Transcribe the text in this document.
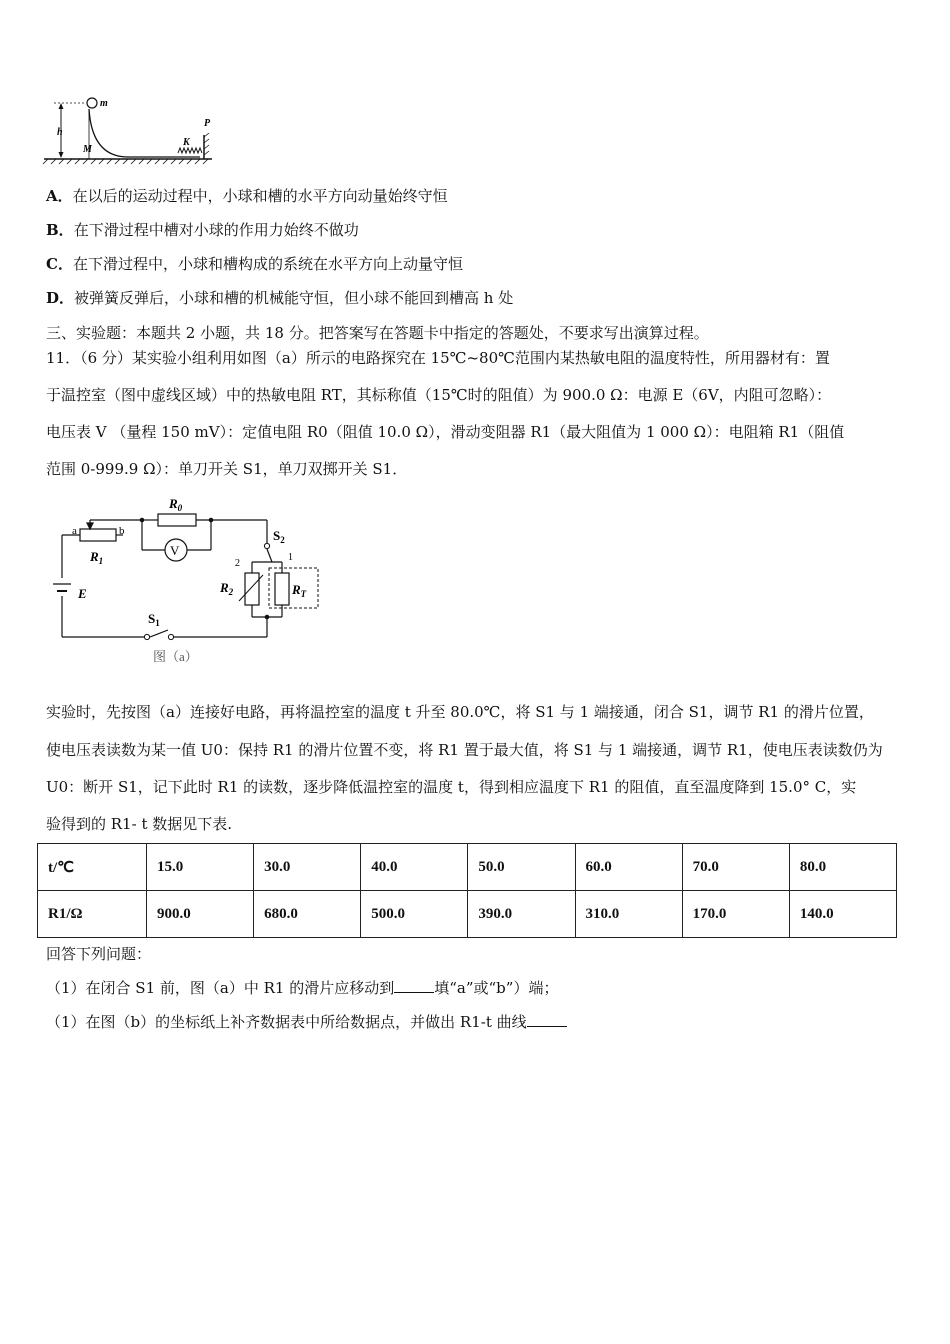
m
h
M
K
P
A．在以后的运动过程中，小球和槽的水平方向动量始终守恒
B．在下滑过程中槽对小球的作用力始终不做功
C．在下滑过程中，小球和槽构成的系统在水平方向上动量守恒
D．被弹簧反弹后，小球和槽的机械能守恒，但小球不能回到槽高 h 处
三、实验题：本题共 2 小题，共 18 分。把答案写在答题卡中指定的答题处，不要求写出演算过程。
11．（6 分）某实验小组利用如图（a）所示的电路探究在 15℃~80℃范围内某热敏电阻的温度特性，所用器材有：置
于温控室（图中虚线区域）中的热敏电阻 RT，其标称值（15℃时的阻值）为 900.0 Ω：电源 E（6V，内阻可忽略）：
电压表 V （量程 150 mV）：定值电阻 R0（阻值 10.0 Ω），滑动变阻器 R1（最大阻值为 1 000 Ω）：电阻箱 R1（阻值
范围 0-999.9 Ω）：单刀开关 S1，单刀双掷开关 S1．
V
a	b
$R_0$
$R_1$
E
$S_2$
2
1
$R_2$	$R_T$
$S_1$
图（a）
实验时，先按图（a）连接好电路，再将温控室的温度 t 升至 80.0℃，将 S1 与 1 端接通，闭合 S1，调节 R1 的滑片位置，
使电压表读数为某一值 U0：保持 R1 的滑片位置不变，将 R1 置于最大值，将 S1 与 1 端接通，调节 R1，使电压表读数仍为
U0：断开 S1，记下此时 R1 的读数，逐步降低温控室的温度 t，得到相应温度下 R1 的阻值，直至温度降到 15.0° C，实
验得到的 R1- t 数据见下表.
t/℃	15.0	30.0	40.0	50.0	60.0	70.0	80.0
R1/Ω	900.0	680.0	500.0	390.0	310.0	170.0	140.0
回答下列问题：
（1）在闭合 S1 前，图（a）中 R1 的滑片应移动到	填“a”或“b”）端；
（1）在图（b）的坐标纸上补齐数据表中所给数据点，并做出 R1-t 曲线
